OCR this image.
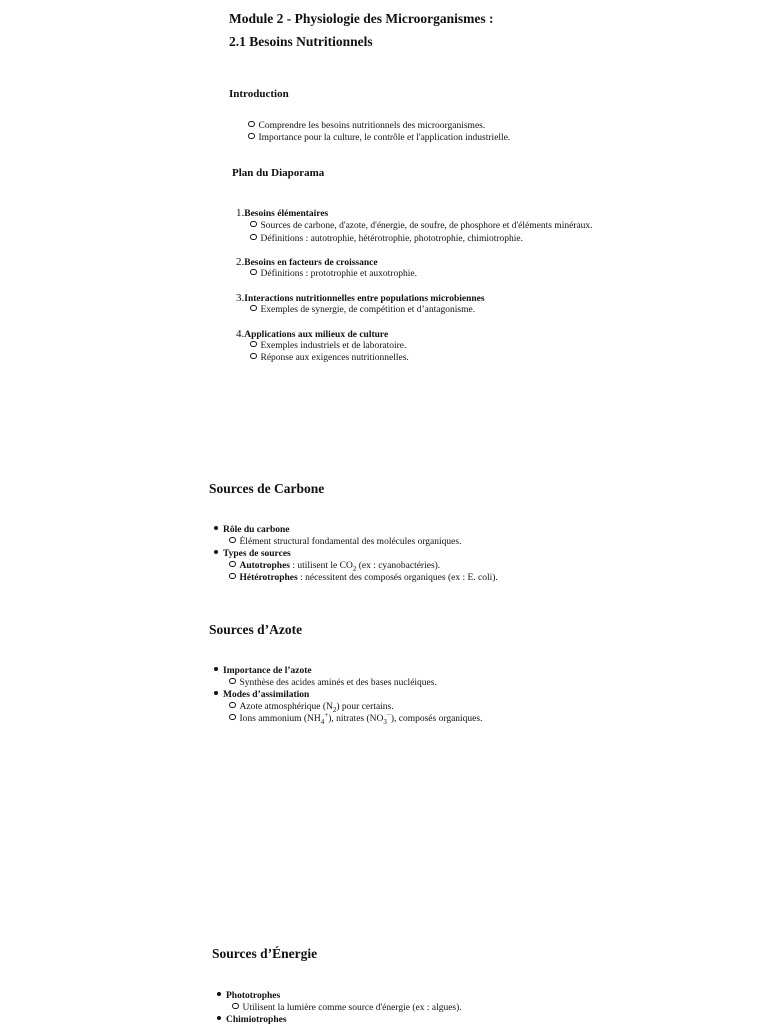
Module 2 - Physiologie des Microorganismes :
2.1 Besoins Nutritionnels
Introduction
Comprendre les besoins nutritionnels des microorganismes.
Importance pour la culture, le contrôle et l'application industrielle.
Plan du Diaporama
1.Besoins élémentaires
Sources de carbone, d'azote, d'énergie, de soufre, de phosphore et d'éléments minéraux.
Définitions : autotrophie, hétérotrophie, phototrophie, chimiotrophie.
2.Besoins en facteurs de croissance
Définitions : prototrophie et auxotrophie.
3.Interactions nutritionnelles entre populations microbiennes
Exemples de synergie, de compétition et d’antagonisme.
4.Applications aux milieux de culture
Exemples industriels et de laboratoire.
Réponse aux exigences nutritionnelles.
Sources de Carbone
Rôle du carbone
Élément structural fondamental des molécules organiques.
Types de sources
Autotrophes : utilisent le $CO_2$ (ex : cyanobactéries).
Hétérotrophes : nécessitent des composés organiques (ex : E. coli).
Sources d’Azote
Importance de l’azote
Synthèse des acides aminés et des bases nucléiques.
Modes d’assimilation
Azote atmosphérique $(N_2)$ pour certains.
Ions ammonium $(NH_4^+)$, nitrates $(NO_3^-)$, composés organiques.
Sources d’Énergie
Phototrophes
Utilisent la lumière comme source d'énergie (ex : algues).
Chimiotrophes
